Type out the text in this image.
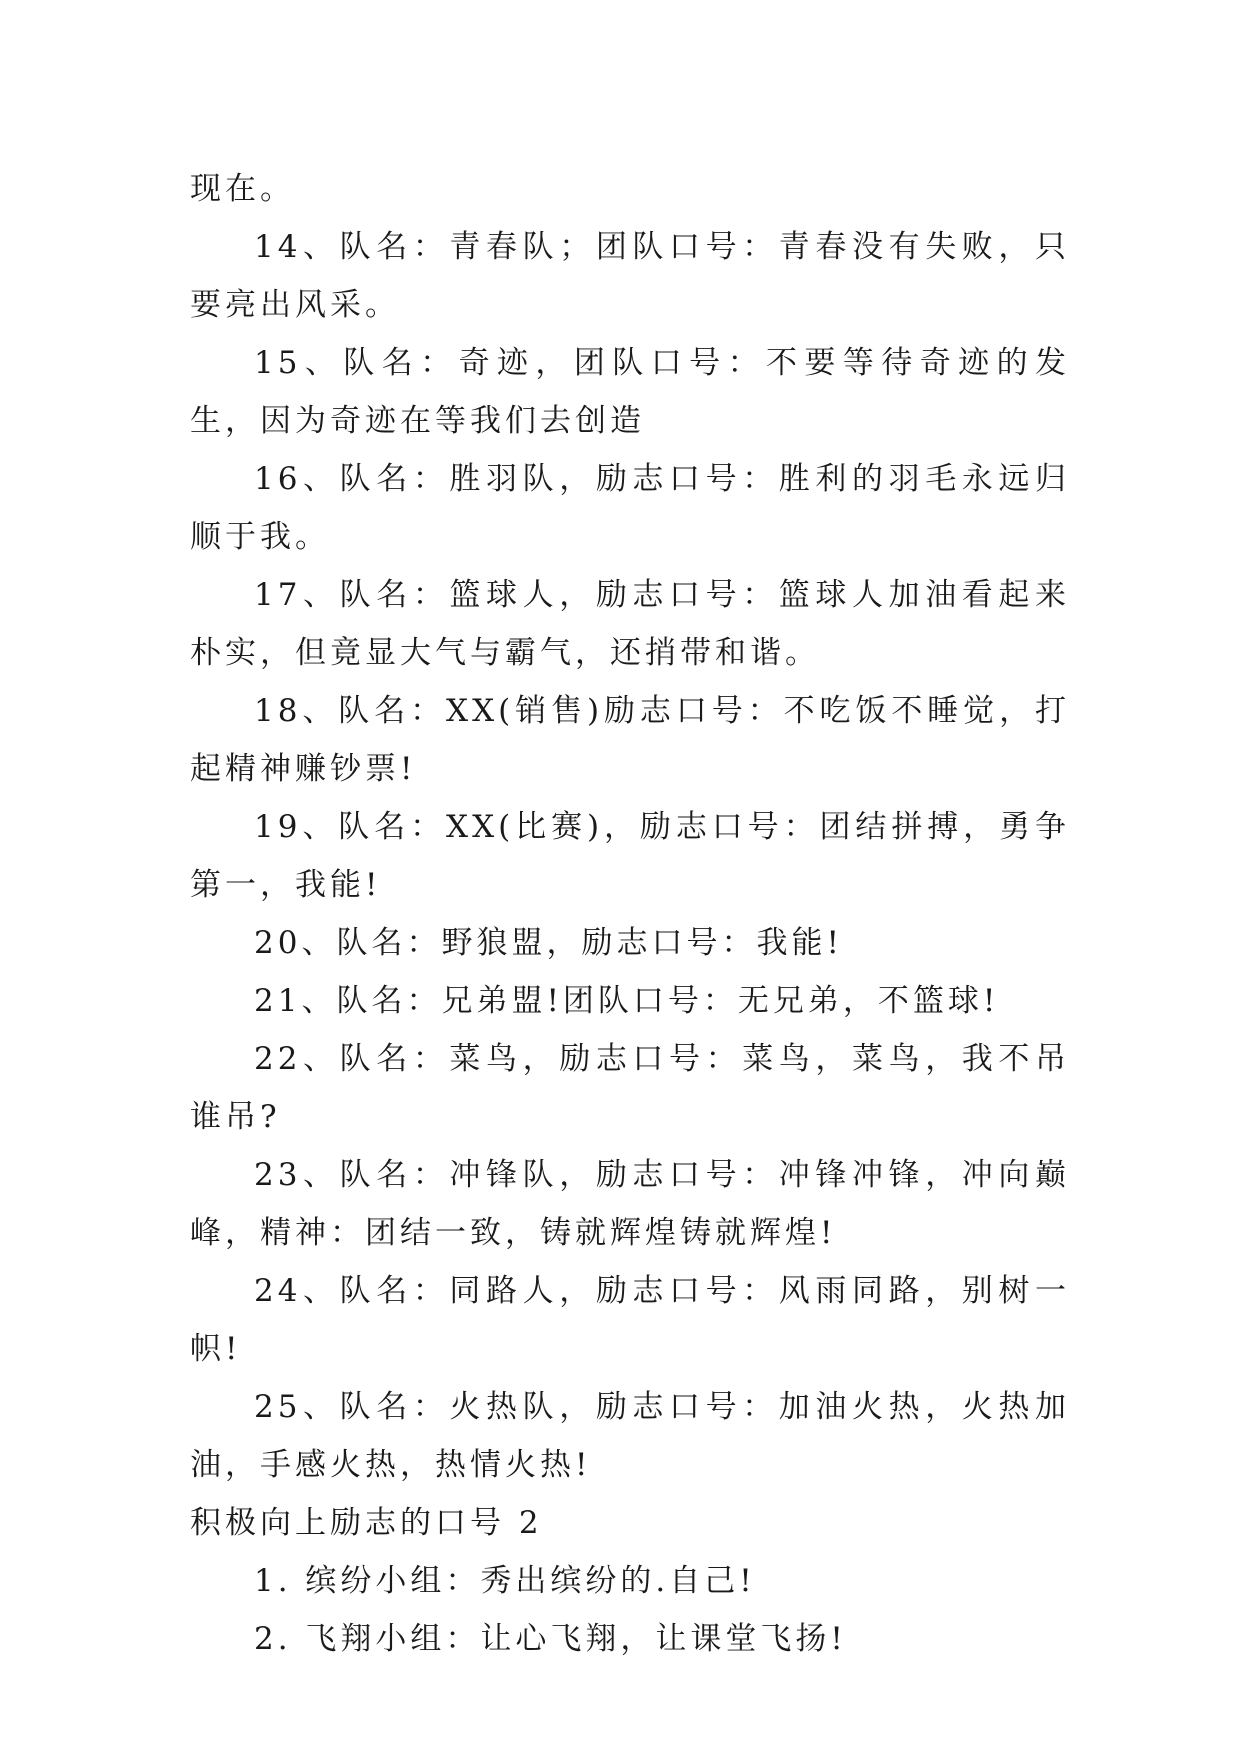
现在。

14、队名：青春队；团队口号：青春没有失败，只要亮出风采。

15、队名：奇迹，团队口号：不要等待奇迹的发生，因为奇迹在等我们去创造

16、队名：胜羽队，励志口号：胜利的羽毛永远归顺于我。

17、队名：篮球人，励志口号：篮球人加油看起来朴实，但竟显大气与霸气，还捎带和谐。

18、队名：XX(销售)励志口号：不吃饭不睡觉，打起精神赚钞票!

19、队名：XX(比赛)，励志口号：团结拼搏，勇争第一，我能!

20、队名：野狼盟，励志口号：我能!

21、队名：兄弟盟!团队口号：无兄弟，不篮球!

22、队名：菜鸟，励志口号：菜鸟，菜鸟，我不吊谁吊?

23、队名：冲锋队，励志口号：冲锋冲锋，冲向巅峰，精神：团结一致，铸就辉煌铸就辉煌!

24、队名：同路人，励志口号：风雨同路，别树一帜!

25、队名：火热队，励志口号：加油火热，火热加油，手感火热，热情火热!

积极向上励志的口号 2

1. 缤纷小组：秀出缤纷的.自己!

2. 飞翔小组：让心飞翔，让课堂飞扬!
